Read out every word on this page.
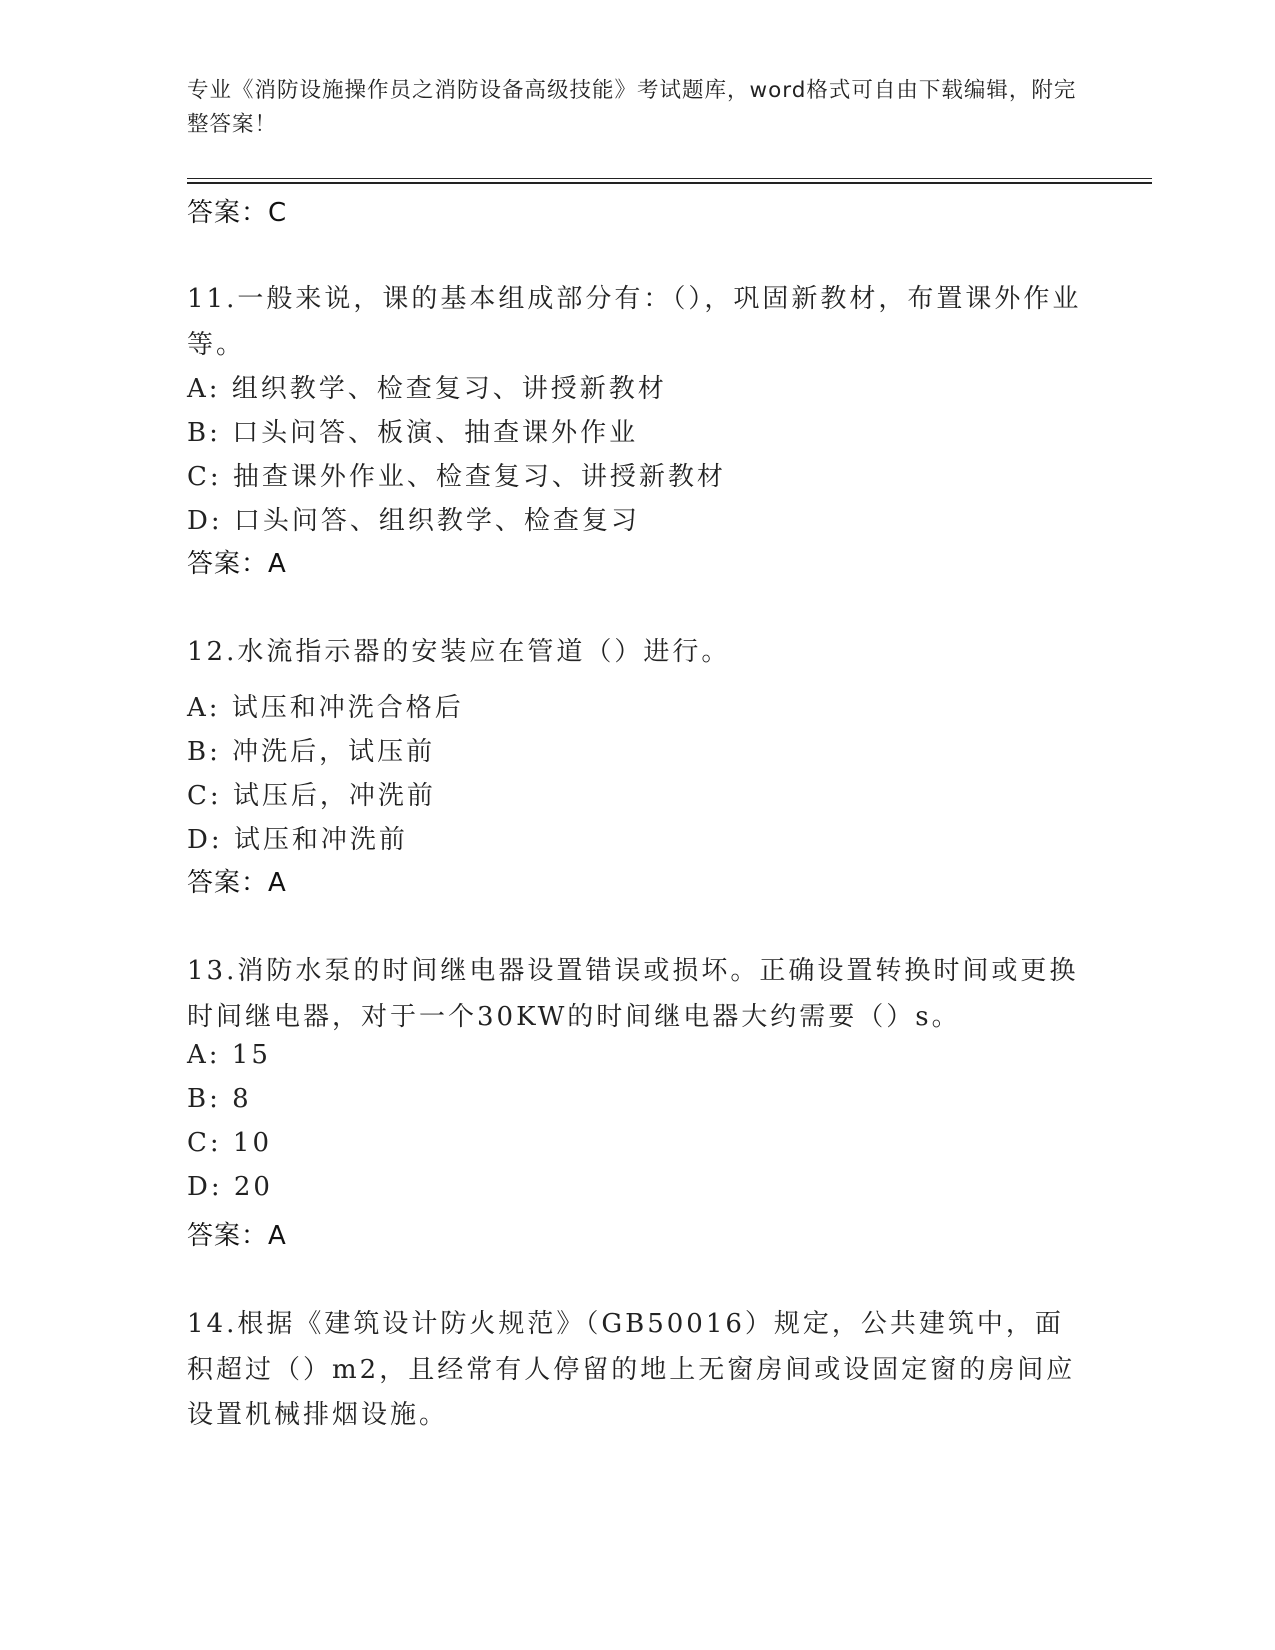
专业《消防设施操作员之消防设备高级技能》考试题库，word格式可自由下载编辑，附完整答案！
答案：C
11.一般来说，课的基本组成部分有：（），巩固新教材，布置课外作业等。
A: 组织教学、检查复习、讲授新教材
B: 口头问答、板演、抽查课外作业
C: 抽查课外作业、检查复习、讲授新教材
D: 口头问答、组织教学、检查复习
答案：A
12.水流指示器的安装应在管道（）进行。
A: 试压和冲洗合格后
B: 冲洗后，试压前
C: 试压后，冲洗前
D: 试压和冲洗前
答案：A
13.消防水泵的时间继电器设置错误或损坏。正确设置转换时间或更换时间继电器，对于一个30KW的时间继电器大约需要（）s。
A: 15
B: 8
C: 10
D: 20
答案：A
14.根据《建筑设计防火规范》（GB50016）规定，公共建筑中，面积超过（）m2，且经常有人停留的地上无窗房间或设固定窗的房间应设置机械排烟设施。
